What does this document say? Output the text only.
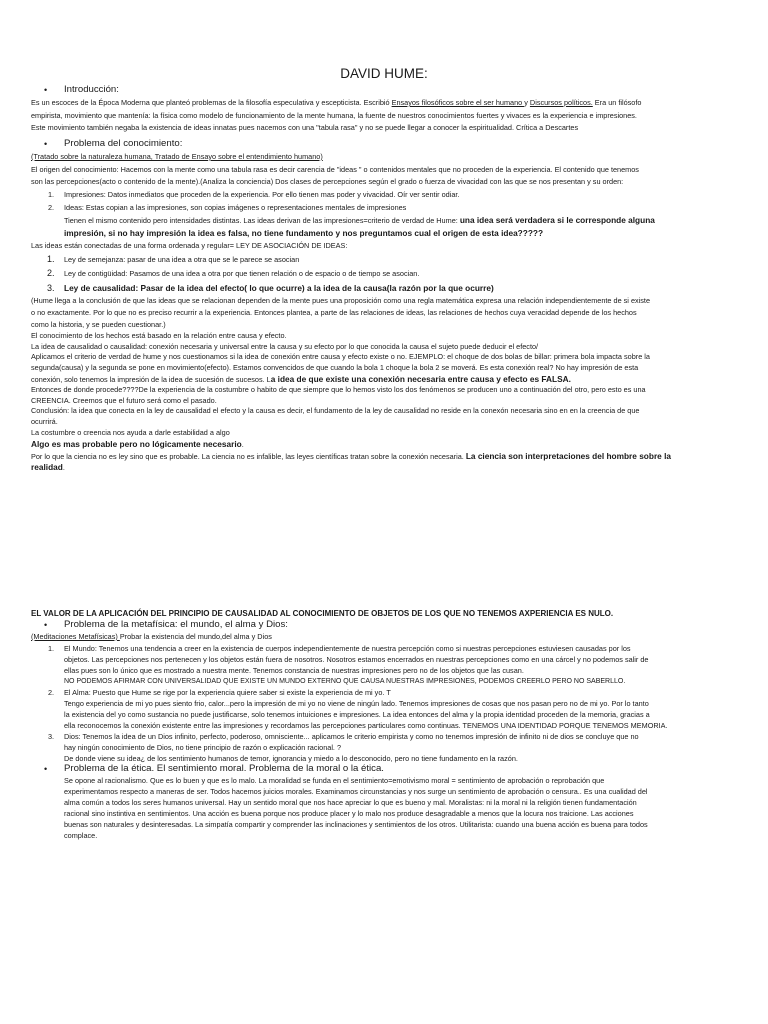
DAVID HUME:
• Introducción:

Es un escoces de la Época Moderna que planteó problemas de la filosofía especulativa y escepticista. Escribió Ensayos filosóficos sobre el ser humano y Discursos políticos. Era un filósofo

empirista, movimiento que mantenía: la física como modelo de funcionamiento de la mente humana, la fuente de nuestros conocimientos fuertes y vivaces es la experiencia e impresiones.

Este movimiento también negaba la existencia de ideas innatas pues nacemos con una "tabula rasa" y no se puede llegar a conocer la espiritualidad. Crítica a Descartes

• Problema del conocimiento:

(Tratado sobre la naturaleza humana, Tratado de Ensayo sobre el entendimiento humano)

El origen del conocimiento: Hacemos con la mente como una tabula rasa es decir carencia de "ideas " o contenidos mentales que no proceden de la experiencia. El contenido que tenemos

son las percepciones(acto o contenido de la mente).(Analiza la conciencia) Dos clases de percepciones según el grado o fuerza de vivacidad con las que se nos presentan y su orden:

1. Impresiones: Datos inmediatos que proceden de la experiencia. Por ello tienen mas poder y vivacidad. Oír ver sentir odiar.

2. Ideas: Estas copian a las impresiones, son copias imágenes o representaciones mentales de impresiones

Tienen el mismo contenido pero intensidades distintas. Las ideas derivan de las impresiones=criterio de verdad de Hume: una idea será verdadera si le corresponde alguna

impresión, si no hay impresión la idea es falsa, no tiene fundamento y nos preguntamos cual el origen de esta idea?????

Las ideas están conectadas de una forma ordenada y regular= LEY DE ASOCIACIÓN DE IDEAS:

1. Ley de semejanza: pasar de una idea a otra que se le parece se asocian

2. Ley de contigüidad: Pasamos de una idea a otra por que tienen relación o de espacio o de tiempo se asocian.

3. Ley de causalidad: Pasar de la idea del efecto( lo que ocurre) a la idea de la causa(la razón por la que ocurre)

(Hume llega a la conclusión de que las ideas que se relacionan dependen de la mente pues una proposición como una regla matemática expresa una relación independientemente de si existe

o no exactamente. Por lo que no es preciso recurrir a la experiencia. Entonces plantea, a parte de las relaciones de ideas, las relaciones de hechos cuya veracidad depende de los hechos

como la historia, y se pueden cuestionar.)

El conocimiento de los hechos está basado en la relación entre causa y efecto.

La idea de causalidad o causalidad: conexión necesaria y universal entre la causa y su efecto por lo que conocida la causa el sujeto puede deducir el efecto/

Aplicamos el criterio de verdad de hume y nos cuestionamos si la idea de conexión entre causa y efecto existe o no. EJEMPLO: el choque de dos bolas de billar: primera bola impacta sobre la

segunda(causa) y la segunda se pone en movimiento(efecto). Estamos convencidos de que cuando la bola 1 choque la bola 2 se moverá. Es esta conexión real? No hay impresión de esta

conexión, solo tenemos la impresión de la idea de sucesión de sucesos. La idea de que existe una conexión necesaria entre causa y efecto es FALSA.

Entonces de donde procede????De la experiencia de la costumbre o habito de que siempre que lo hemos visto los dos fenómenos se producen uno a continuación del otro, pero esto es una

CREENCIA. Creemos que el futuro será como el pasado.

Conclusión: la idea que conecta en la ley de causalidad el efecto y la causa es decir, el fundamento de la ley de causalidad no reside en la conexón necesaria sino en en la creencia de que

ocurrirá.

La costumbre o creencia nos ayuda a darle estabilidad a algo

Algo es mas probable pero no lógicamente necesario.

Por lo que la ciencia no es ley sino que es probable. La ciencia no es infalible, las leyes científicas tratan sobre la conexión necesaria. La ciencia son interpretaciones del hombre sobre la

realidad.

EL VALOR DE LA APLICACIÓN DEL PRINCIPIO DE CAUSALIDAD AL CONOCIMIENTO DE OBJETOS DE LOS QUE NO TENEMOS AXPERIENCIA ES NULO.

• Problema de la metafísica: el mundo, el alma y Dios:

(Meditaciones Metafísicas) Probar la existencia del mundo,del alma y Dios

1. El Mundo: Tenemos una tendencia a creer en la existencia de cuerpos independientemente de nuestra percepción como si nuestras percepciones estuviesen causadas por los

objetos. Las percepciones nos pertenecen y los objetos están fuera de nosotros. Nosotros estamos encerrados en nuestras percepciones como en una cárcel y no podemos salir de

ellas pues son lo único que es mostrado a nuestra mente. Tenemos constancia de nuestras impresiones pero no de los objetos que las cusan.

NO PODEMOS AFIRMAR CON UNIVERSALIDAD QUE EXISTE UN MUNDO EXTERNO QUE CAUSA NUESTRAS IMPRESIONES, PODEMOS CREERLO PERO NO SABERLLO.

2. El Alma: Puesto que Hume se rige por la experiencia quiere saber si existe la experiencia de mi yo. T

Tengo experiencia de mi yo pues siento frio, calor...pero la impresión de mi yo no viene de ningún lado. Tenemos impresiones de cosas que nos pasan pero no de mi yo. Por lo tanto

la existencia del yo como sustancia no puede justificarse, solo tenemos intuiciones e impresiones. La idea entonces del alma y la propia identidad proceden de la memoria, gracias a

ella reconocemos la conexión existente entre las impresiones y recordamos las percepciones particulares como continuas. TENEMOS UNA IDENTIDAD PORQUE TENEMOS MEMORIA.

3. Dios: Tenemos la idea de un Dios infinito, perfecto, poderoso, omnisciente... aplicamos le criterio empirista y como no tenemos impresión de infinito ni de dios se concluye que no

hay ningún conocimiento de Dios, no tiene principio de razón o explicación racional. ?

De donde viene su idea¿ de los sentimiento humanos de temor, ignorancia y miedo a lo desconocido, pero no tiene fundamento en la razón.

• Problema de la ética. El sentimiento moral. Problema de la moral o la ética.

Se opone al racionalismo. Que es lo buen y que es lo malo. La moralidad se funda en el sentimiento=emotivismo moral = sentimiento de aprobación o reprobación que

experimentamos respecto a maneras de ser. Todos hacemos juicios morales. Examinamos circunstancias y nos surge un sentimiento de aprobación o censura.. Es una cualidad del

alma común a todos los seres humanos universal. Hay un sentido moral que nos hace apreciar lo que es bueno y mal. Moralistas: ni la moral ni la religión tienen fundamentación

racional sino instintiva en sentimientos. Una acción es buena porque nos produce placer y lo malo nos produce desagradable a menos que la locura nos traicione. Las acciones

buenas son naturales y desinteresadas. La simpatía compartir y comprender las inclinaciones y sentimientos de los otros. Utilitarista: cuando una buena acción es buena para todos

complace.
